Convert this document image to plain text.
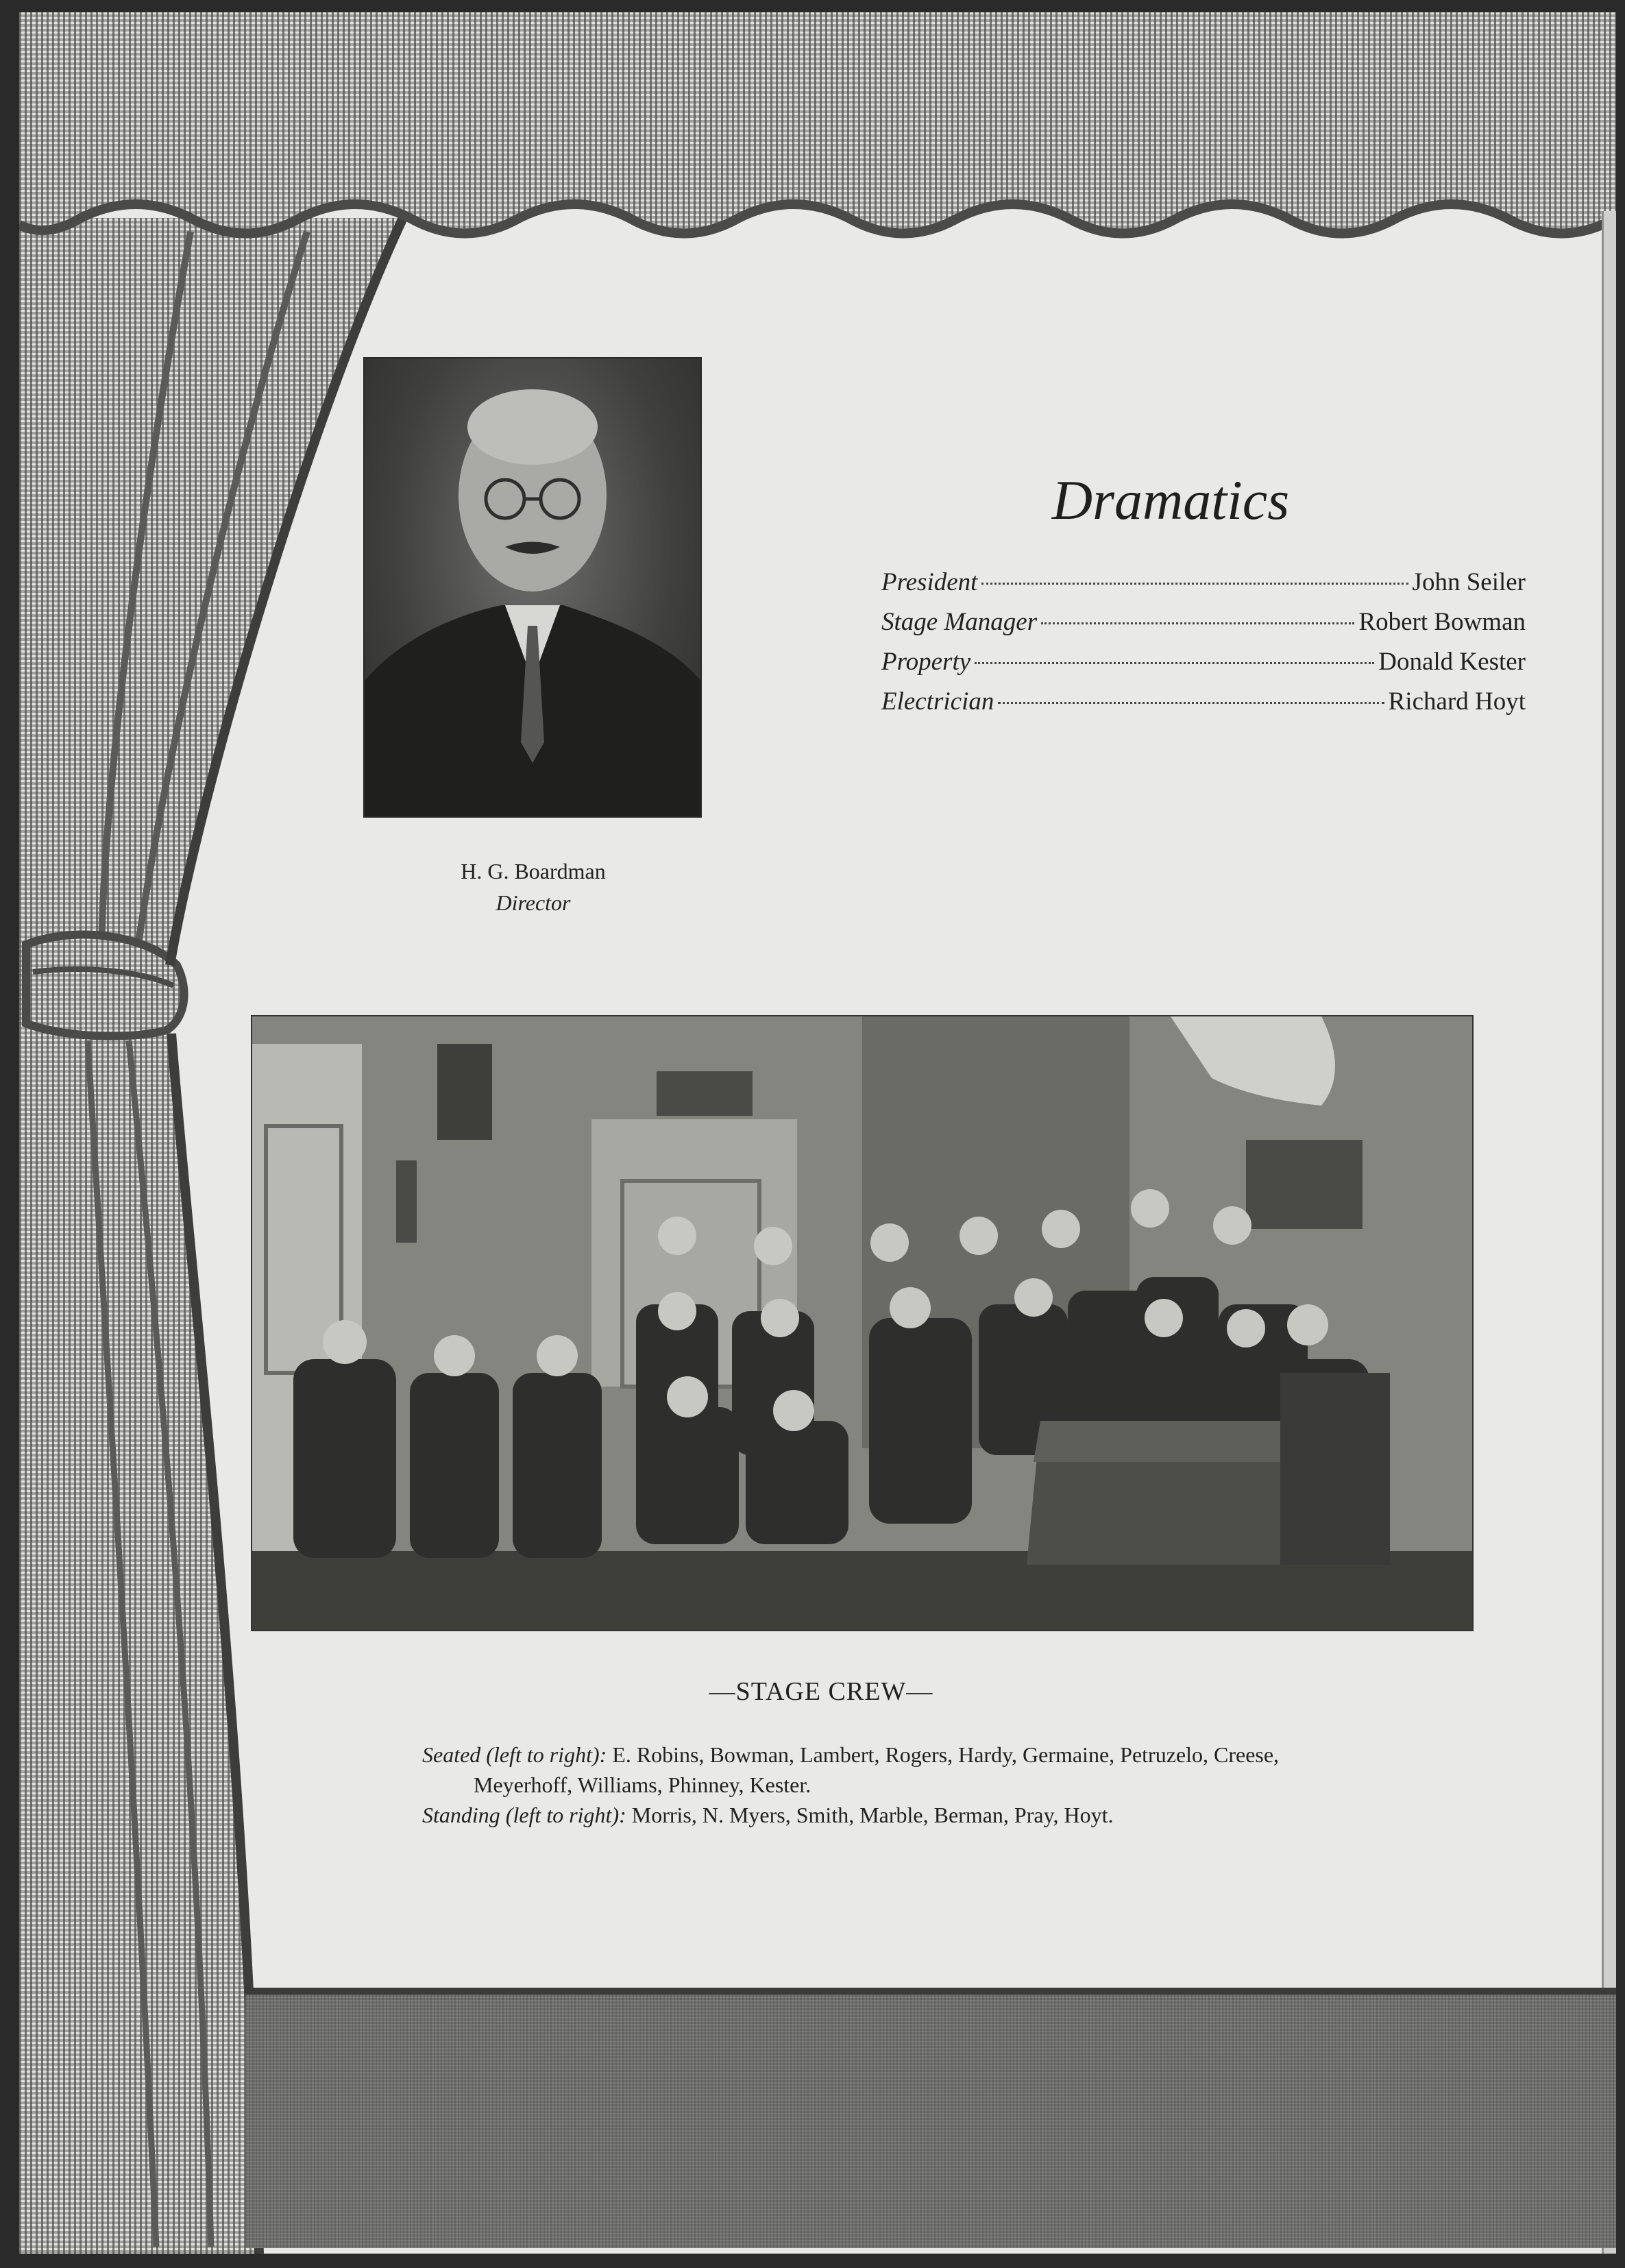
H. G. Boardman
Director
Dramatics
President	John Seiler
Stage Manager	Robert Bowman
Property	Donald Kester
Electrician	Richard Hoyt
—STAGE CREW—

Seated (left to right): E. Robins, Bowman, Lambert, Rogers, Hardy, Germaine, Petruzelo, Creese,

Meyerhoff, Williams, Phinney, Kester.

Standing (left to right): Morris, N. Myers, Smith, Marble, Berman, Pray, Hoyt.
